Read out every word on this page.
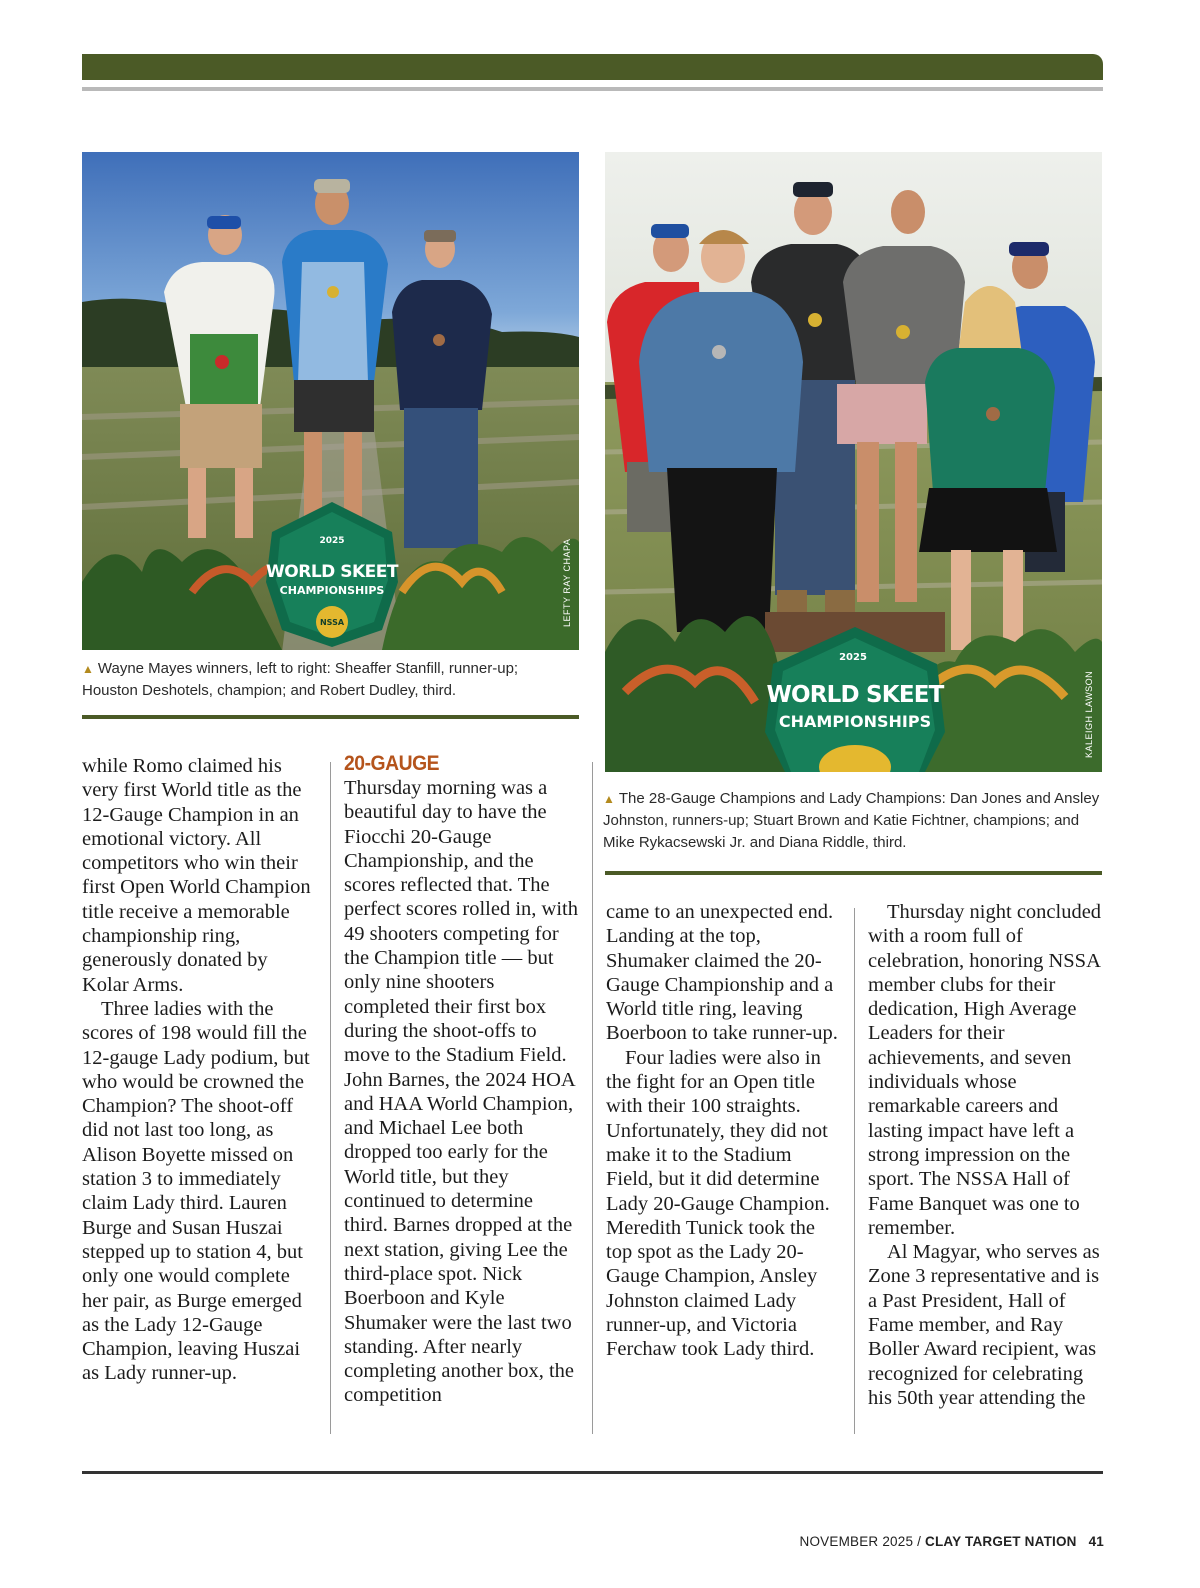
2025
WORLD SKEET
CHAMPIONSHIPS
NSSA	LEFTY RAY CHAPA
▲ Wayne Mayes winners, left to right: Sheaffer Stanfill, runner-up; Houston Deshotels, champion; and Robert Dudley, third.
2025
WORLD SKEET
CHAMPIONSHIPS	KALEIGH LAWSON
▲ The 28-Gauge Champions and Lady Champions: Dan Jones and Ansley Johnston, runners-up; Stuart Brown and Katie Fichtner, champions; and Mike Rykacsewski Jr. and Diana Riddle, third.

while Romo claimed his very first World title as the 12-Gauge Champion in an emotional victory. All competitors who win their first Open World Champion title receive a memorable championship ring, generously donated by Kolar Arms.

Three ladies with the scores of 198 would fill the 12-gauge Lady podium, but who would be crowned the Champion? The shoot-off did not last too long, as Alison Boyette missed on station 3 to immediately claim Lady third. Lauren Burge and Susan Huszai stepped up to station 4, but only one would complete her pair, as Burge emerged as the Lady 12-Gauge Champion, leaving Huszai as Lady runner-up.

20-GAUGE

Thursday morning was a beautiful day to have the Fiocchi 20-Gauge Championship, and the scores reflected that. The perfect scores rolled in, with 49 shooters competing for the Champion title — but only nine shooters completed their first box during the shoot-offs to move to the Stadium Field. John Barnes, the 2024 HOA and HAA World Champion, and Michael Lee both dropped too early for the World title, but they continued to determine third. Barnes dropped at the next station, giving Lee the third-place spot. Nick Boerboon and Kyle Shumaker were the last two standing. After nearly completing another box, the competition

came to an unexpected end. Landing at the top, Shumaker claimed the 20-Gauge Championship and a World title ring, leaving Boerboon to take runner-up.

Four ladies were also in the fight for an Open title with their 100 straights. Unfortunately, they did not make it to the Stadium Field, but it did determine Lady 20-Gauge Champion. Meredith Tunick took the top spot as the Lady 20-Gauge Champion, Ansley Johnston claimed Lady runner-up, and Victoria Ferchaw took Lady third.

Thursday night concluded with a room full of celebration, honoring NSSA member clubs for their dedication, High Average Leaders for their achievements, and seven individuals whose remarkable careers and lasting impact have left a strong impression on the sport. The NSSA Hall of Fame Banquet was one to remember.

Al Magyar, who serves as Zone 3 representative and is a Past President, Hall of Fame member, and Ray Boller Award recipient, was recognized for celebrating his 50th year attending the

NOVEMBER 2025 / CLAY TARGET NATION 41
